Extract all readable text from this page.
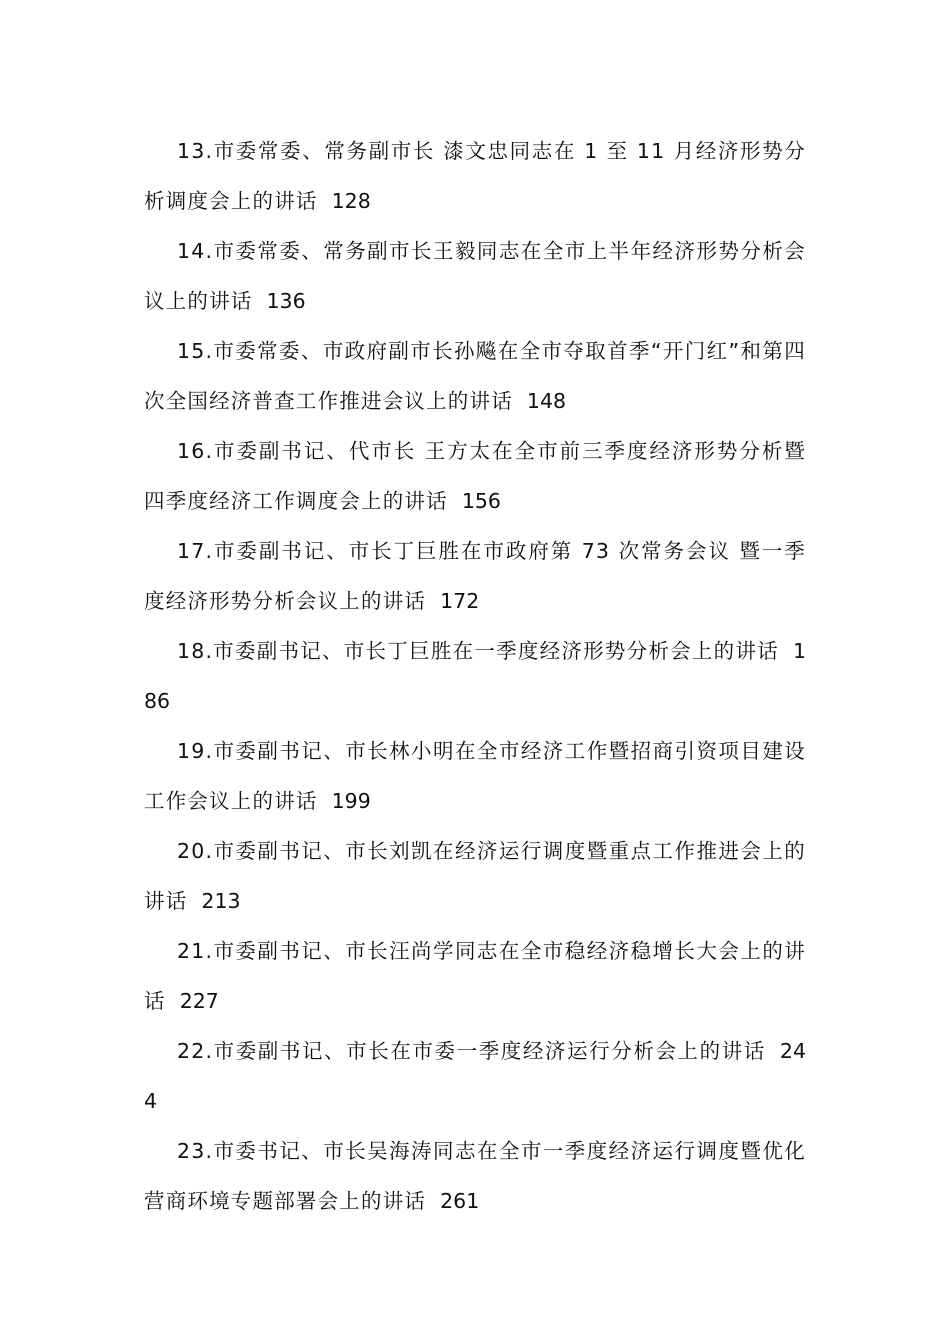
13.市委常委、常务副市长 漆文忠同志在 1 至 11 月经济形势分析调度会上的讲话 128

14.市委常委、常务副市长王毅同志在全市上半年经济形势分析会议上的讲话 136

15.市委常委、市政府副市长孙飚在全市夺取首季“开门红”和第四次全国经济普查工作推进会议上的讲话 148

16.市委副书记、代市长 王方太在全市前三季度经济形势分析暨四季度经济工作调度会上的讲话 156

17.市委副书记、市长丁巨胜在市政府第 73 次常务会议 暨一季度经济形势分析会议上的讲话 172

18.市委副书记、市长丁巨胜在一季度经济形势分析会上的讲话 186

19.市委副书记、市长林小明在全市经济工作暨招商引资项目建设工作会议上的讲话 199

20.市委副书记、市长刘凯在经济运行调度暨重点工作推进会上的讲话 213

21.市委副书记、市长汪尚学同志在全市稳经济稳增长大会上的讲话 227

22.市委副书记、市长在市委一季度经济运行分析会上的讲话 244

23.市委书记、市长吴海涛同志在全市一季度经济运行调度暨优化营商环境专题部署会上的讲话 261
